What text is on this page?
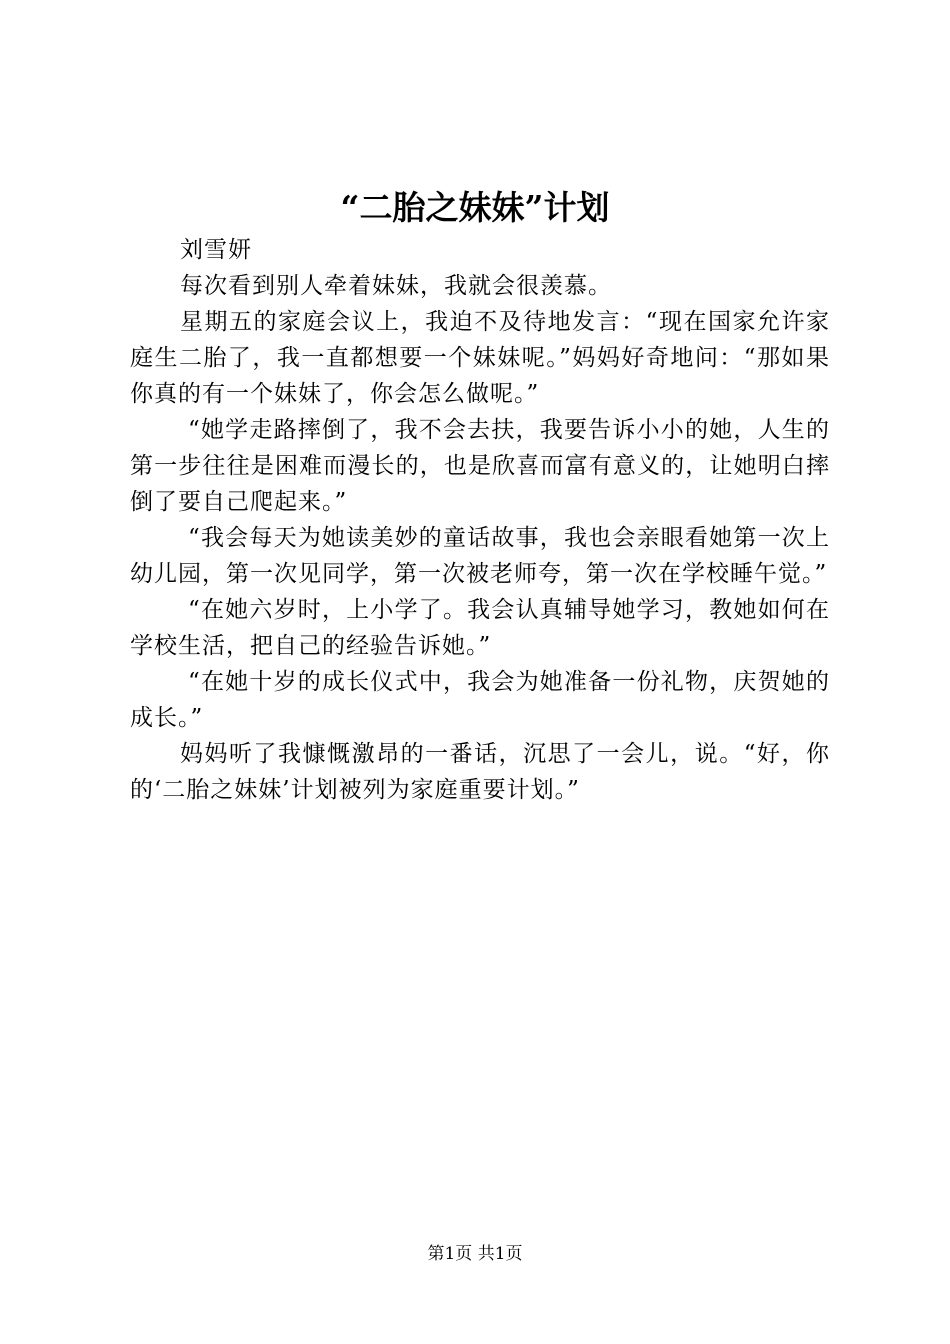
“二胎之妹妹”计划

刘雪妍

每次看到别人牵着妹妹，我就会很羡慕。

星期五的家庭会议上，我迫不及待地发言：“现在国家允许家庭生二胎了，我一直都想要一个妹妹呢。”妈妈好奇地问：“那如果你真的有一个妹妹了，你会怎么做呢。”

“她学走路摔倒了，我不会去扶，我要告诉小小的她，人生的第一步往往是困难而漫长的，也是欣喜而富有意义的，让她明白摔倒了要自己爬起来。”

“我会每天为她读美妙的童话故事，我也会亲眼看她第一次上幼儿园，第一次见同学，第一次被老师夸，第一次在学校睡午觉。”

“在她六岁时，上小学了。我会认真辅导她学习，教她如何在学校生活，把自己的经验告诉她。”

“在她十岁的成长仪式中，我会为她准备一份礼物，庆贺她的成长。”

妈妈听了我慷慨激昂的一番话，沉思了一会儿，说。“好，你的‘二胎之妹妹’计划被列为家庭重要计划。”

第1页 共1页
